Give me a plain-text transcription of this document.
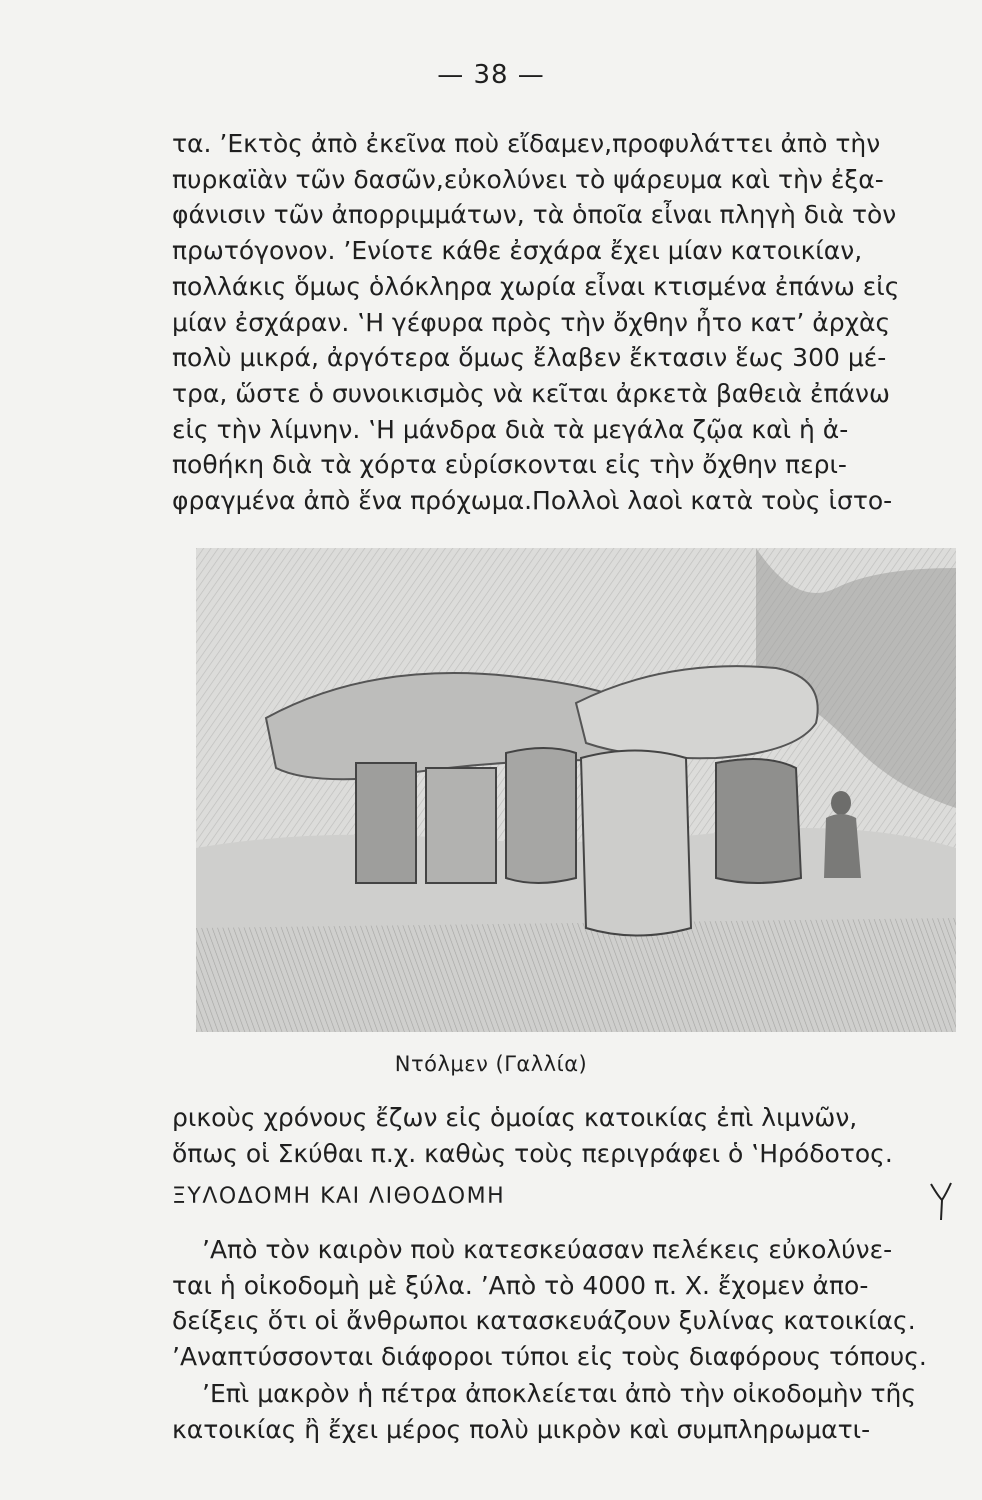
— 38 —

τα. ’Εκτὸς ἀπὸ ἐκεῖνα ποὺ εἴδαμεν,προφυλάττει ἀπὸ τὴν
πυρκαϊὰν τῶν δασῶν,εὐκολύνει τὸ ψάρευμα καὶ τὴν ἐξα-
φάνισιν τῶν ἀπορριμμάτων, τὰ ὁποῖα εἶναι πληγὴ διὰ τὸν
πρωτόγονον. ’Ενίοτε κάθε ἐσχάρα ἔχει μίαν κατοικίαν,
πολλάκις ὅμως ὁλόκληρα χωρία εἶναι κτισμένα ἐπάνω εἰς
μίαν ἐσχάραν. ‛Η γέφυρα πρὸς τὴν ὄχθην ἦτο κατ’ ἀρχὰς
πολὺ μικρά, ἀργότερα ὅμως ἔλαβεν ἔκτασιν ἕως 300 μέ-
τρα, ὥστε ὁ συνοικισμὸς νὰ κεῖται ἀρκετὰ βαθειὰ ἐπάνω
εἰς τὴν λίμνην. ‛Η μάνδρα διὰ τὰ μεγάλα ζῷα καὶ ἡ ἀ-
ποθήκη διὰ τὰ χόρτα εὑρίσκονται εἰς τὴν ὄχθην περι-
φραγμένα ἀπὸ ἕνα πρόχωμα.Πολλοὶ λαοὶ κατὰ τοὺς ἱστο-

Ντόλμεν (Γαλλία)

ρικοὺς χρόνους ἔζων εἰς ὁμοίας κατοικίας ἐπὶ λιμνῶν,
ὅπως οἱ Σκύθαι π.χ. καθὼς τοὺς περιγράφει ὁ ‛Ηρόδοτος.

ΞΥΛΟΔΟΜΗ ΚΑΙ ΛΙΘΟΔΟΜΗ

’Απὸ τὸν καιρὸν ποὺ κατεσκεύασαν πελέκεις εὐκολύνε-
ται ἡ οἰκοδομὴ μὲ ξύλα. ’Απὸ τὸ 4000 π. Χ. ἔχομεν ἀπο-
δείξεις ὅτι οἱ ἄνθρωποι κατασκευάζουν ξυλίνας κατοικίας.
’Αναπτύσσονται διάφοροι τύποι εἰς τοὺς διαφόρους τόπους.

’Επὶ μακρὸν ἡ πέτρα ἀποκλείεται ἀπὸ τὴν οἰκοδομὴν τῆς
κατοικίας ἢ ἔχει μέρος πολὺ μικρὸν καὶ συμπληρωματι-
